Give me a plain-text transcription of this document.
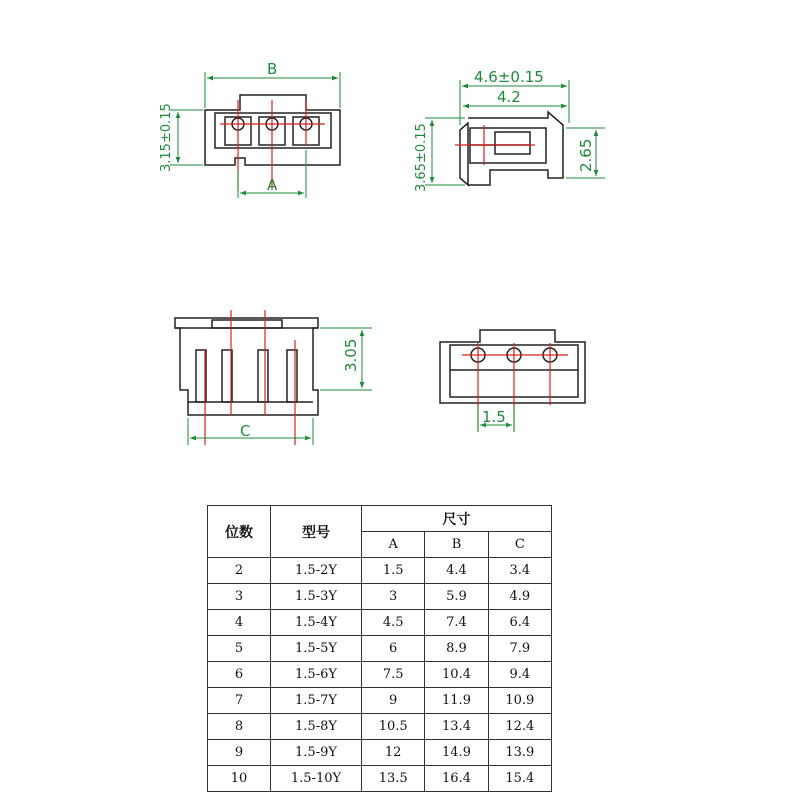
B
3.15±0.15
A
4.6±0.15
4.2
3.65±0.15	2.65
3.05
C
1.5
位数	型号	尺寸		
		A	B	C
2	1.5-2Y	1.5	4.4	3.4
3	1.5-3Y	3	5.9	4.9
4	1.5-4Y	4.5	7.4	6.4
5	1.5-5Y	6	8.9	7.9
6	1.5-6Y	7.5	10.4	9.4
7	1.5-7Y	9	11.9	10.9
8	1.5-8Y	10.5	13.4	12.4
9	1.5-9Y	12	14.9	13.9
10	1.5-10Y	13.5	16.4	15.4
